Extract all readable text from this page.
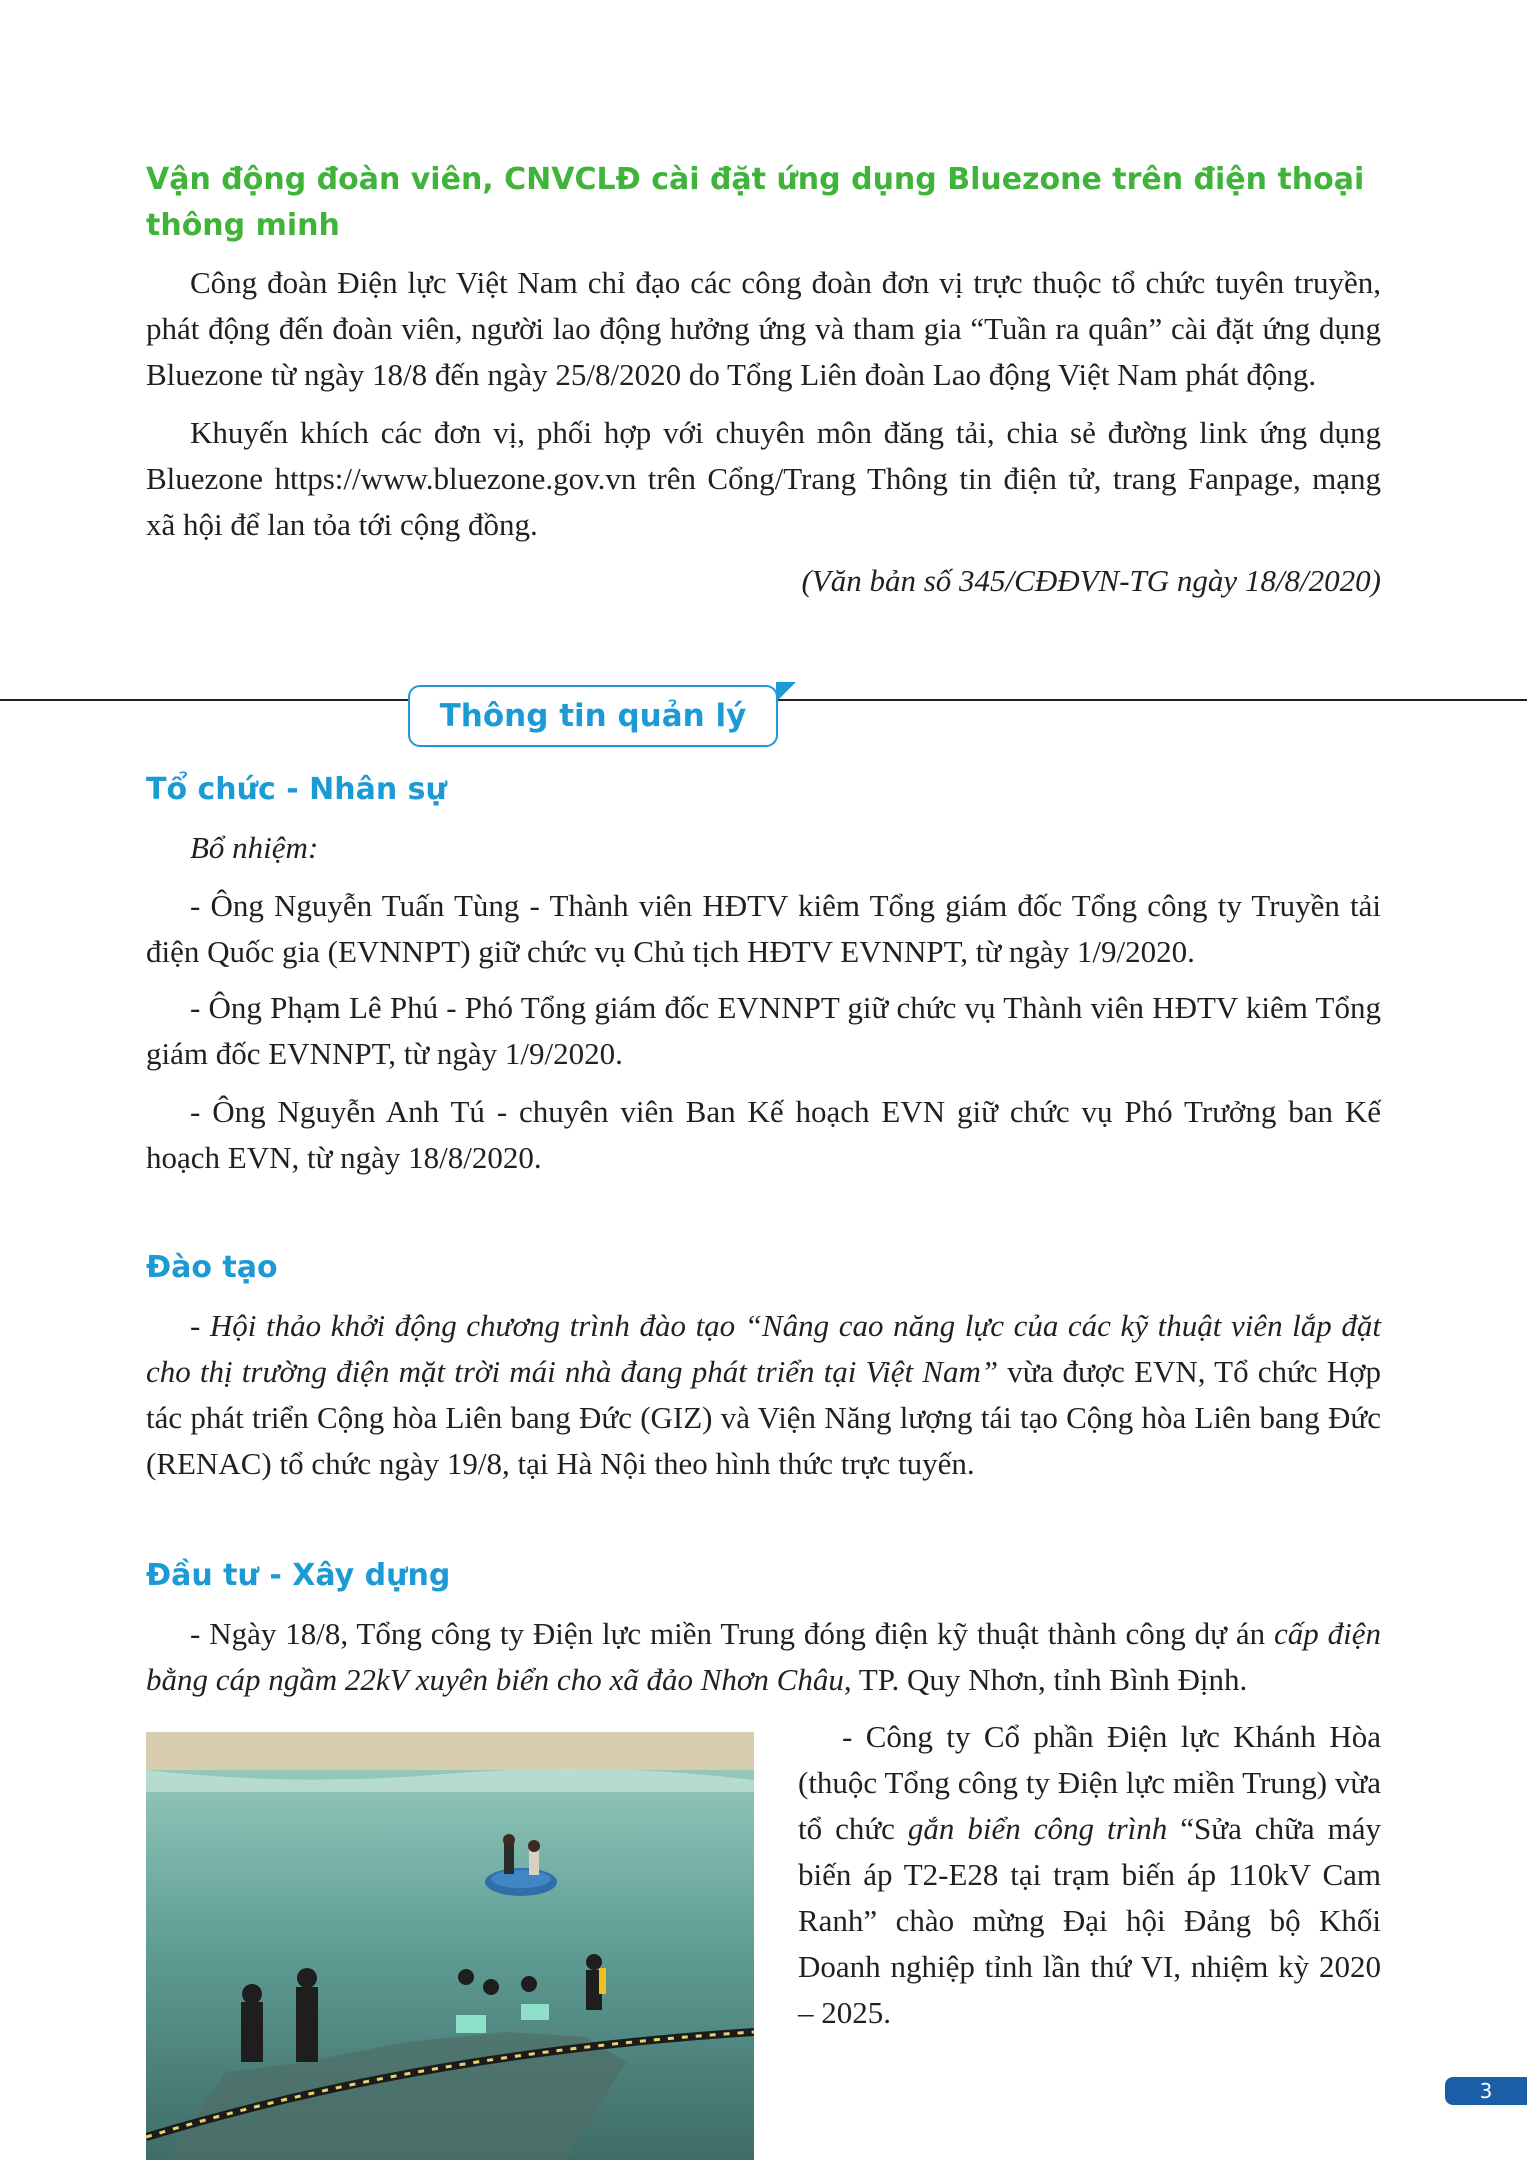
Vận động đoàn viên, CNVCLĐ cài đặt ứng dụng Bluezone trên điện thoại thông minh

Công đoàn Điện lực Việt Nam chỉ đạo các công đoàn đơn vị trực thuộc tổ chức tuyên truyền, phát động đến đoàn viên, người lao động hưởng ứng và tham gia “Tuần ra quân” cài đặt ứng dụng Bluezone từ ngày 18/8 đến ngày 25/8/2020 do Tổng Liên đoàn Lao động Việt Nam phát động.

Khuyến khích các đơn vị, phối hợp với chuyên môn đăng tải, chia sẻ đường link ứng dụng Bluezone https://www.bluezone.gov.vn trên Cổng/Trang Thông tin điện tử, trang Fanpage, mạng xã hội để lan tỏa tới cộng đồng.

(Văn bản số 345/CĐĐVN-TG ngày 18/8/2020)

Thông tin quản lý
Tổ chức - Nhân sự

Bổ nhiệm:

- Ông Nguyễn Tuấn Tùng - Thành viên HĐTV kiêm Tổng giám đốc Tổng công ty Truyền tải điện Quốc gia (EVNNPT) giữ chức vụ Chủ tịch HĐTV EVNNPT, từ ngày 1/9/2020.

- Ông Phạm Lê Phú - Phó Tổng giám đốc EVNNPT giữ chức vụ Thành viên HĐTV kiêm Tổng giám đốc EVNNPT, từ ngày 1/9/2020.

- Ông Nguyễn Anh Tú - chuyên viên Ban Kế hoạch EVN giữ chức vụ Phó Trưởng ban Kế hoạch EVN, từ ngày 18/8/2020.

Đào tạo

- Hội thảo khởi động chương trình đào tạo “Nâng cao năng lực của các kỹ thuật viên lắp đặt cho thị trường điện mặt trời mái nhà đang phát triển tại Việt Nam” vừa được EVN, Tổ chức Hợp tác phát triển Cộng hòa Liên bang Đức (GIZ) và Viện Năng lượng tái tạo Cộng hòa Liên bang Đức (RENAC) tổ chức ngày 19/8, tại Hà Nội theo hình thức trực tuyến.

Đầu tư - Xây dựng

- Ngày 18/8, Tổng công ty Điện lực miền Trung đóng điện kỹ thuật thành công dự án cấp điện bằng cáp ngầm 22kV xuyên biển cho xã đảo Nhơn Châu, TP. Quy Nhơn, tỉnh Bình Định.

- Công ty Cổ phần Điện lực Khánh Hòa (thuộc Tổng công ty Điện lực miền Trung) vừa tổ chức gắn biển công trình “Sửa chữa máy biến áp T2-E28 tại trạm biến áp 110kV Cam Ranh” chào mừng Đại hội Đảng bộ Khối Doanh nghiệp tỉnh lần thứ VI, nhiệm kỳ 2020 – 2025.

3
